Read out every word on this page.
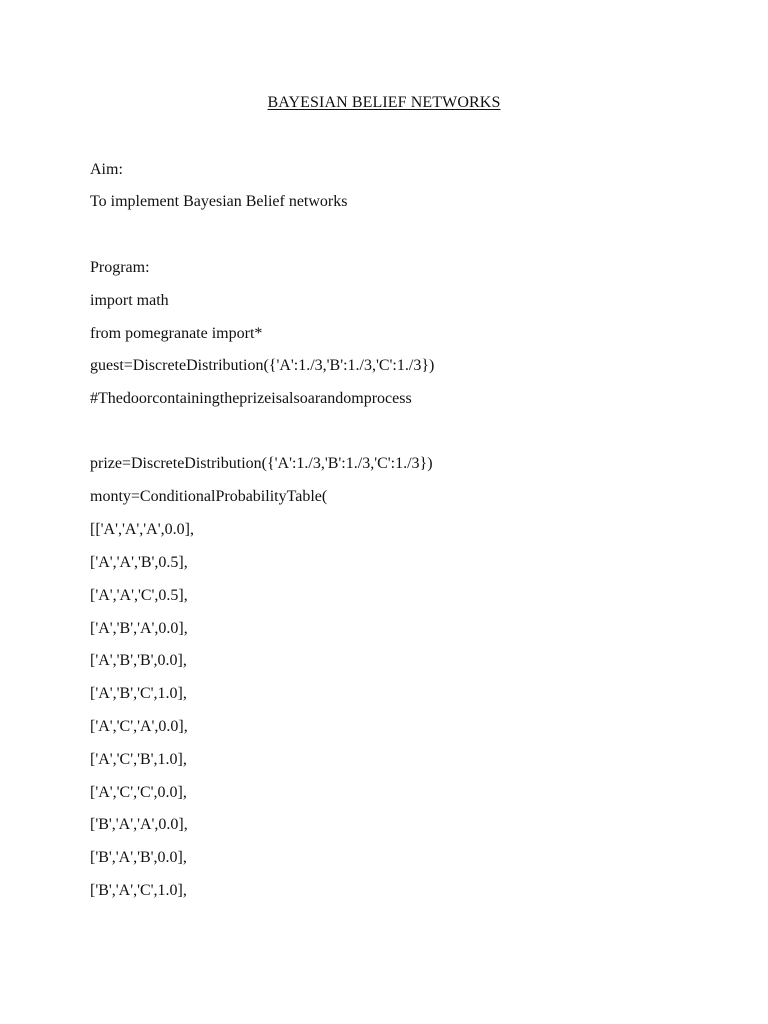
BAYESIAN BELIEF NETWORKS
Aim:
To implement Bayesian Belief networks
Program:
import math
from pomegranate import*
guest=DiscreteDistribution({'A':1./3,'B':1./3,'C':1./3})
#Thedoorcontainingtheprizeisalsoarandomprocess
prize=DiscreteDistribution({'A':1./3,'B':1./3,'C':1./3})
monty=ConditionalProbabilityTable(
[['A','A','A',0.0],
['A','A','B',0.5],
['A','A','C',0.5],
['A','B','A',0.0],
['A','B','B',0.0],
['A','B','C',1.0],
['A','C','A',0.0],
['A','C','B',1.0],
['A','C','C',0.0],
['B','A','A',0.0],
['B','A','B',0.0],
['B','A','C',1.0],
